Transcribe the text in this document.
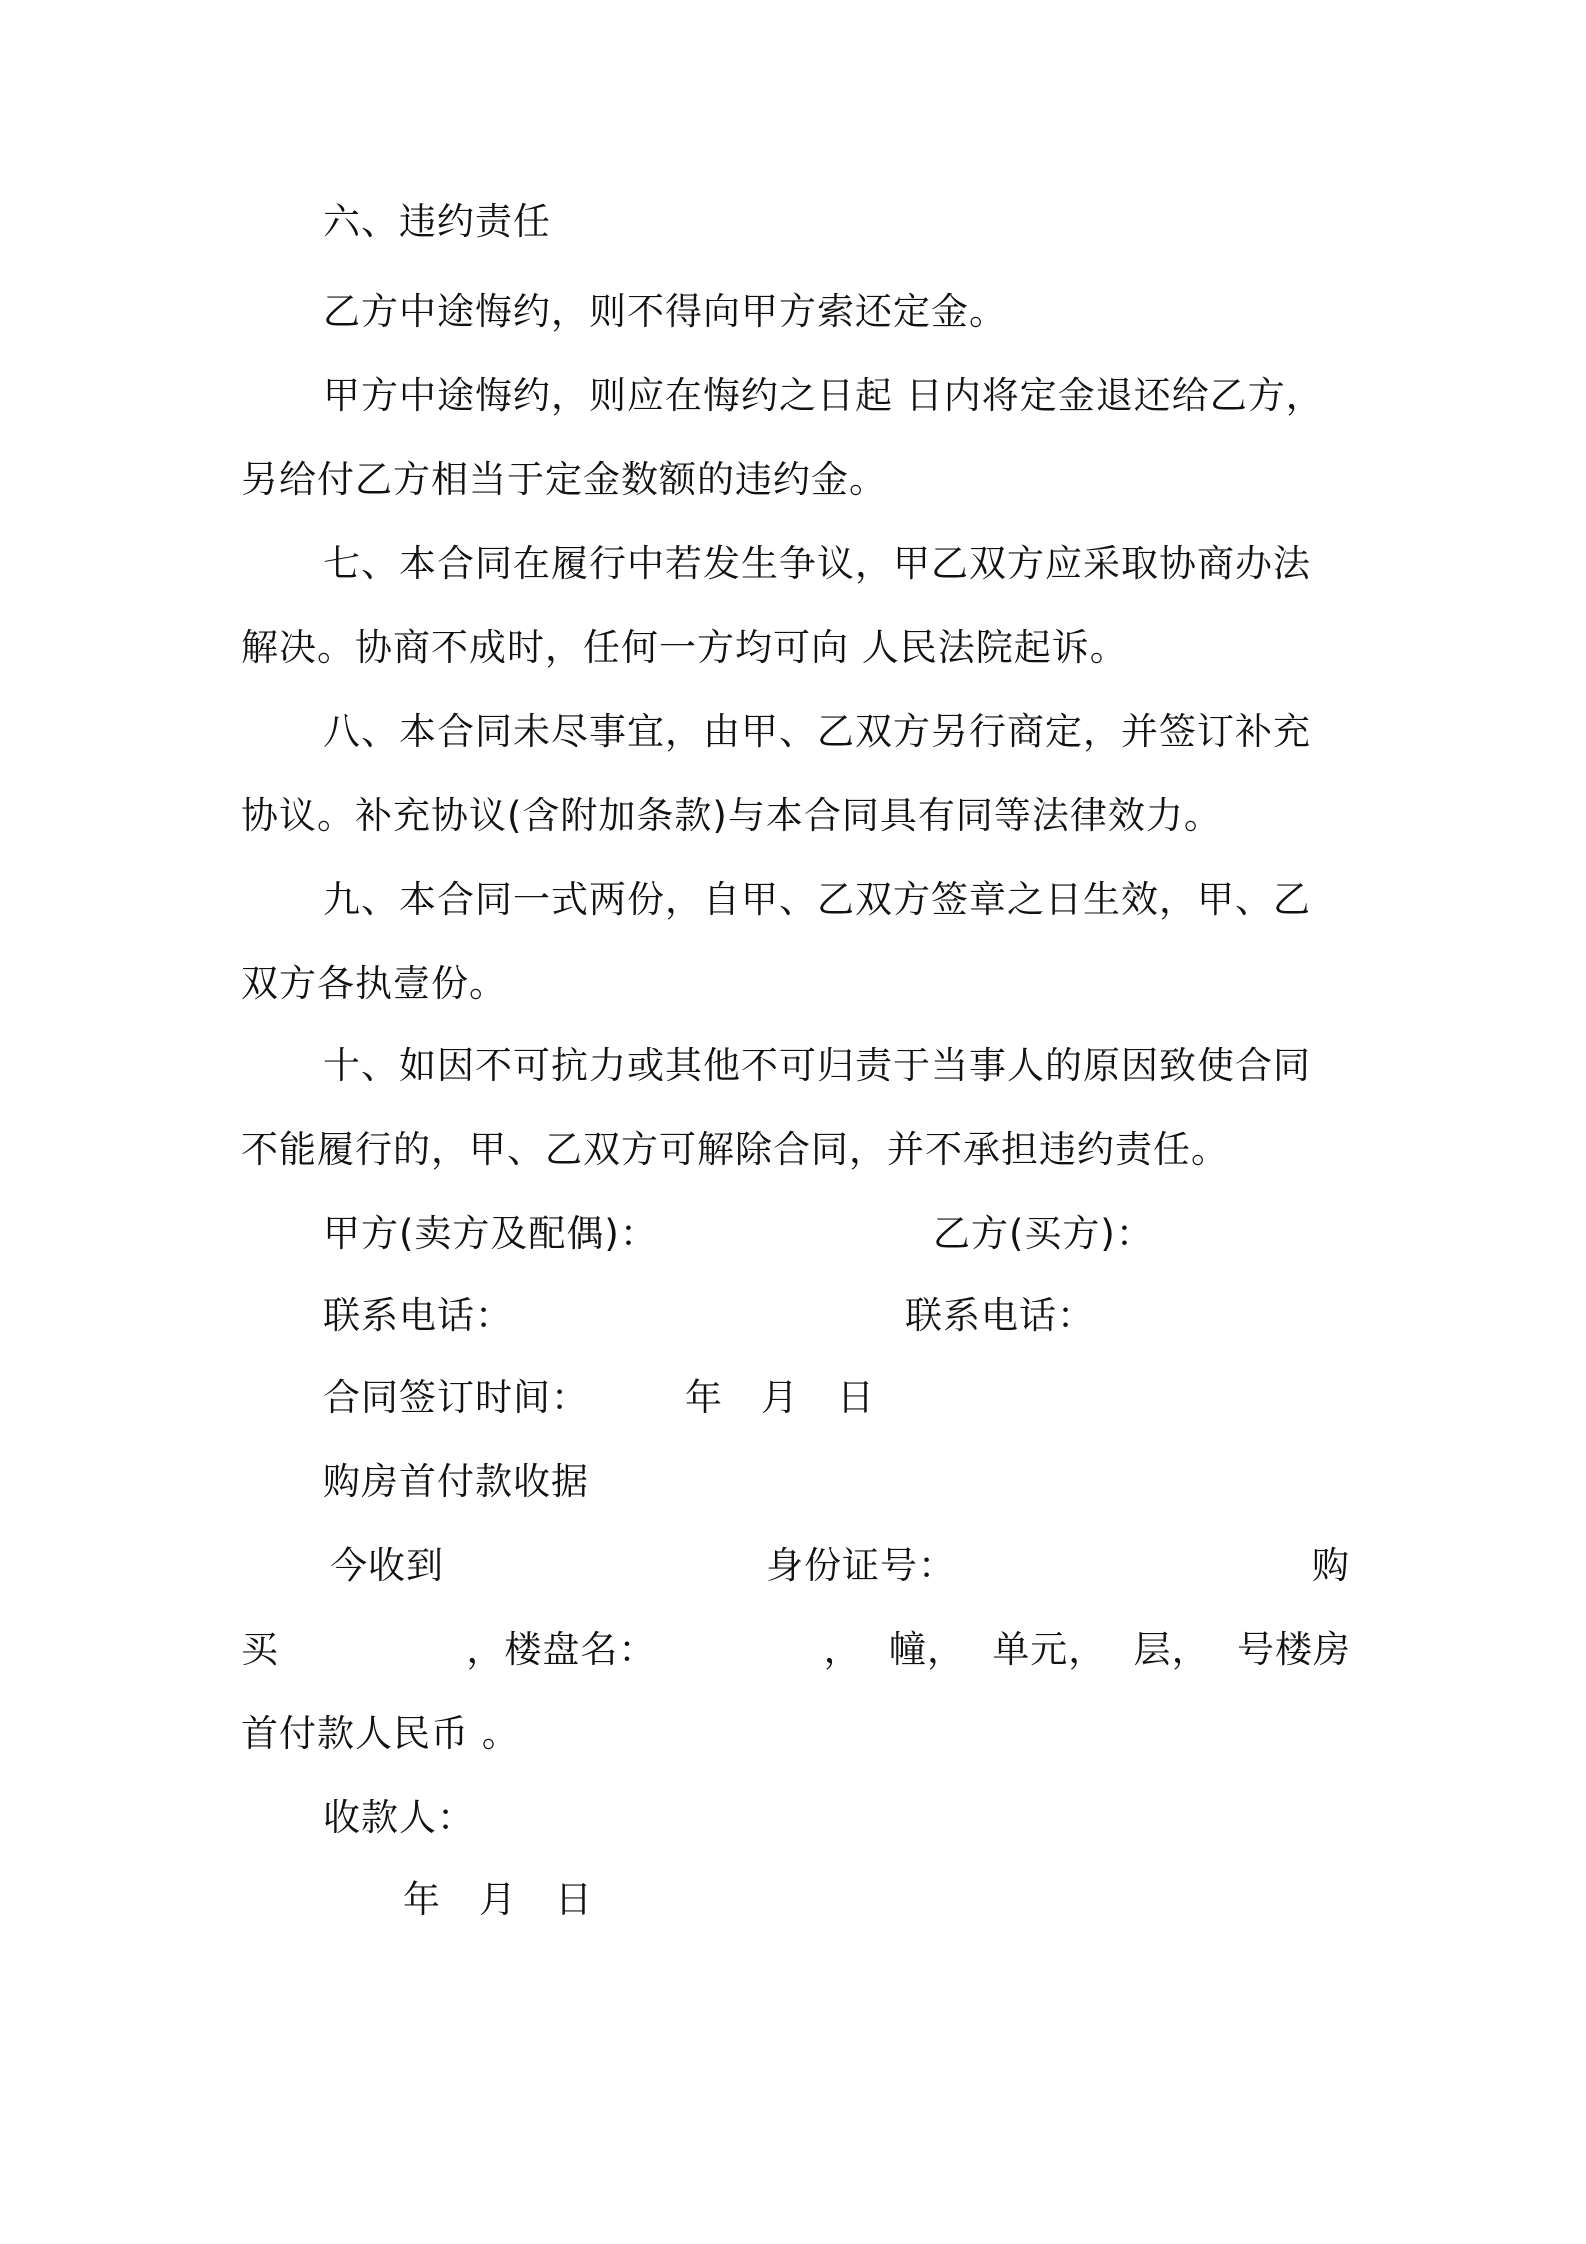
六、违约责任
乙方中途悔约，则不得向甲方索还定金。
甲方中途悔约，则应在悔约之日起 日内将定金退还给乙方，
另给付乙方相当于定金数额的违约金。
七、本合同在履行中若发生争议，甲乙双方应采取协商办法
解决。协商不成时，任何一方均可向 人民法院起诉。
八、本合同未尽事宜，由甲、乙双方另行商定，并签订补充
协议。补充协议(含附加条款)与本合同具有同等法律效力。
九、本合同一式两份，自甲、乙双方签章之日生效，甲、乙
双方各执壹份。
十、如因不可抗力或其他不可归责于当事人的原因致使合同
不能履行的，甲、乙双方可解除合同，并不承担违约责任。
甲方(卖方及配偶)：	乙方(买方)：
联系电话：	联系电话：
合同签订时间：	年　月　日
购房首付款收据
今收到	身份证号：	购
买	，楼盘名：	， 幢， 单元， 层， 号楼房
首付款人民币 。
收款人：
年　月　日
